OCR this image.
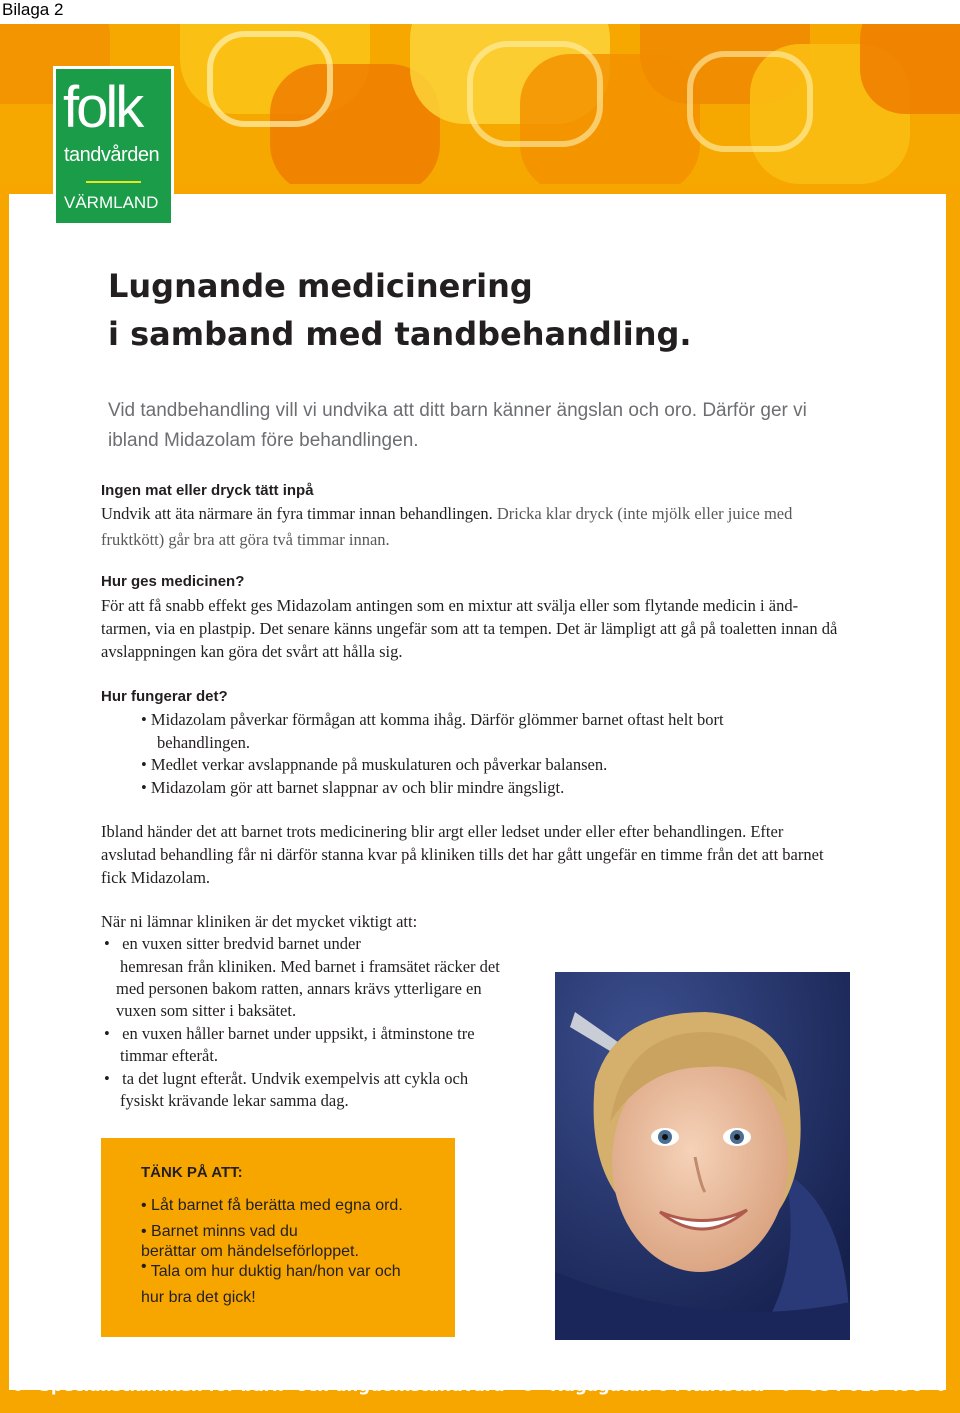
Bilaga 2
folk
tandvården
VÄRMLAND
Lugnande medicinering
i samband med tandbehandling.
Vid tandbehandling vill vi undvika att ditt barn känner ängslan och oro. Därför ger vi ibland Midazolam före behandlingen.
Ingen mat eller dryck tätt inpå
Undvik att äta närmare än fyra timmar innan behandlingen. Dricka klar dryck (inte mjölk eller juice med
fruktkött) går bra att göra två timmar innan.
Hur ges medicinen?
För att få snabb effekt ges Midazolam antingen som en mixtur att svälja eller som flytande medicin i änd-tarmen, via en plastpip. Det senare känns ungefär som att ta tempen. Det är lämpligt att gå på toaletten innan då avslappningen kan göra det svårt att hålla sig.
Hur fungerar det?
• Midazolam påverkar förmågan att komma ihåg. Därför glömmer barnet oftast helt bort
behandlingen.
• Medlet verkar avslappnande på muskulaturen och påverkar balansen.
• Midazolam gör att barnet slappnar av och blir mindre ängsligt.
Ibland händer det att barnet trots medicinering blir argt eller ledset under eller efter behandlingen. Efter avslutad behandling får ni därför stanna kvar på kliniken tills det har gått ungefär en timme från det att barnet fick Midazolam.
När ni lämnar kliniken är det mycket viktigt att:
•   en vuxen sitter bredvid barnet under
hemresan från kliniken. Med barnet i framsätet räcker det
med personen bakom ratten, annars krävs ytterligare en
vuxen som sitter i baksätet.
•   en vuxen håller barnet under uppsikt, i åtminstone tre
timmar efteråt.
•   ta det lugnt efteråt. Undvik exempelvis att cykla och
fysiskt krävande lekar samma dag.
TÄNK PÅ ATT:
• Låt barnet få berätta med egna ord.
• Barnet minns vad du
berättar om händelseförloppet.
• Tala om hur duktig han/hon var och
hur bra det gick!
Specialistkliniken för barn- och ungdomstandvård	Hagagatan 6 i Karlstad	054 619 490
